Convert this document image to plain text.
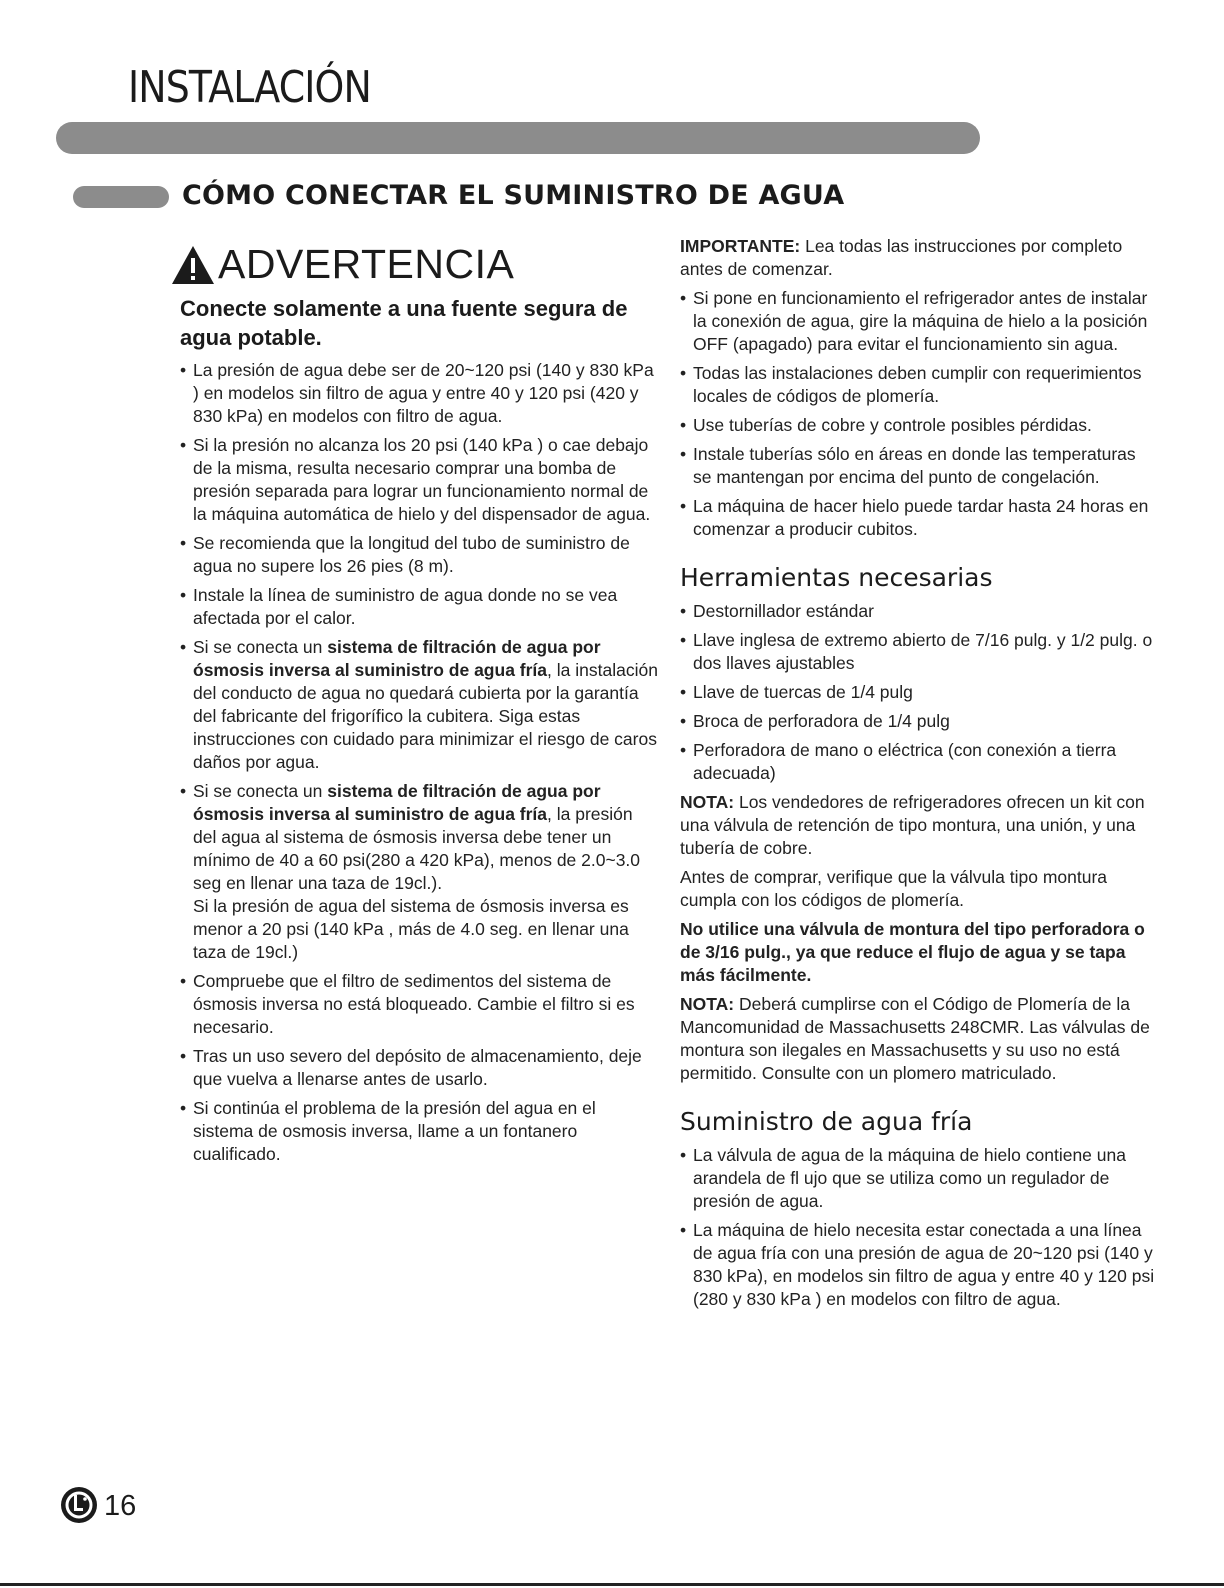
INSTALACIÓN
CÓMO CONECTAR EL SUMINISTRO DE AGUA
ADVERTENCIA

Conecte solamente a una fuente segura de agua potable.

• La presión de agua debe ser de 20~120 psi (140 y 830 kPa ) en modelos sin filtro de agua y entre 40 y 120 psi (420 y 830 kPa) en modelos con filtro de agua.
• Si la presión no alcanza los 20 psi (140 kPa ) o cae debajo de la misma, resulta necesario comprar una bomba de presión separada para lograr un funcionamiento normal de la máquina automática de hielo y del dispensador de agua.
• Se recomienda que la longitud del tubo de suministro de agua no supere los 26 pies (8 m).
• Instale la línea de suministro de agua donde no se vea afectada por el calor.
• Si se conecta un sistema de filtración de agua por ósmosis inversa al suministro de agua fría, la instalación del conducto de agua no quedará cubierta por la garantía del fabricante del frigorífico la cubitera. Siga estas instrucciones con cuidado para minimizar el riesgo de caros daños por agua.
• Si se conecta un sistema de filtración de agua por ósmosis inversa al suministro de agua fría, la presión del agua al sistema de ósmosis inversa debe tener un mínimo de 40 a 60 psi(280 a 420 kPa), menos de 2.0~3.0 seg en llenar una taza de 19cl.).
Si la presión de agua del sistema de ósmosis inversa es menor a 20 psi (140 kPa , más de 4.0 seg. en llenar una taza de 19cl.)
• Compruebe que el filtro de sedimentos del sistema de ósmosis inversa no está bloqueado. Cambie el filtro si es necesario.
• Tras un uso severo del depósito de almacenamiento, deje que vuelva a llenarse antes de usarlo.
• Si continúa el problema de la presión del agua en el sistema de osmosis inversa, llame a un fontanero cualificado.

IMPORTANTE: Lea todas las instrucciones por completo antes de comenzar.

• Si pone en funcionamiento el refrigerador antes de instalar la conexión de agua, gire la máquina de hielo a la posición OFF (apagado) para evitar el funcionamiento sin agua.
• Todas las instalaciones deben cumplir con requerimientos locales de códigos de plomería.
• Use tuberías de cobre y controle posibles pérdidas.
• Instale tuberías sólo en áreas en donde las temperaturas se mantengan por encima del punto de congelación.
• La máquina de hacer hielo puede tardar hasta 24 horas en comenzar a producir cubitos.
Herramientas necesarias
• Destornillador estándar
• Llave inglesa de extremo abierto de 7/16 pulg. y 1/2 pulg. o dos llaves ajustables
• Llave de tuercas de 1/4 pulg
• Broca de perforadora de 1/4 pulg
• Perforadora de mano o eléctrica (con conexión a tierra adecuada)

NOTA: Los vendedores de refrigeradores ofrecen un kit con una válvula de retención de tipo montura, una unión, y una tubería de cobre.

Antes de comprar, verifique que la válvula tipo montura cumpla con los códigos de plomería.

No utilice una válvula de montura del tipo perforadora o de 3/16 pulg., ya que reduce el flujo de agua y se tapa más fácilmente.

NOTA: Deberá cumplirse con el Código de Plomería de la Mancomunidad de Massachusetts 248CMR. Las válvulas de montura son ilegales en Massachusetts y su uso no está permitido. Consulte con un plomero matriculado.

Suministro de agua fría
• La válvula de agua de la máquina de hielo contiene una arandela de fl ujo que se utiliza como un regulador de presión de agua.
• La máquina de hielo necesita estar conectada a una línea de agua fría con una presión de agua de 20~120 psi (140 y 830 kPa), en modelos sin filtro de agua y entre 40 y 120 psi (280 y 830 kPa ) en modelos con filtro de agua.
16
